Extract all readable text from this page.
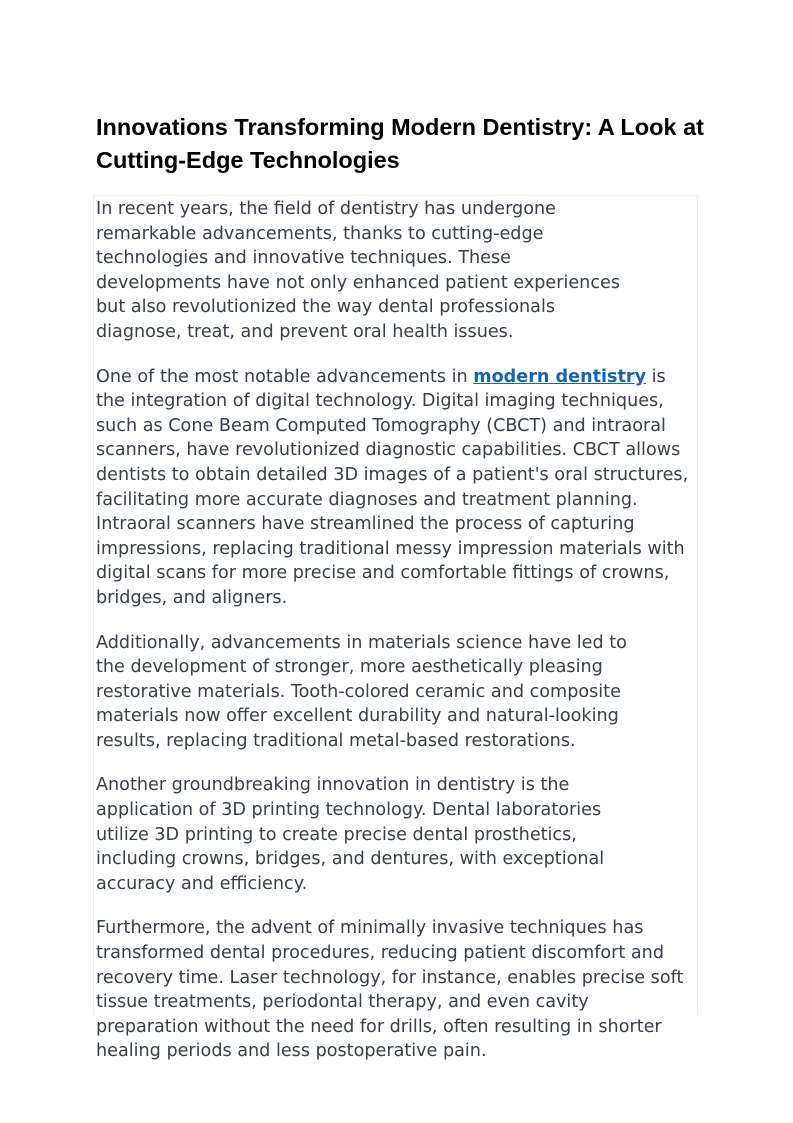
Innovations Transforming Modern Dentistry: A Look at Cutting-Edge Technologies

In recent years, the field of dentistry has undergone remarkable advancements, thanks to cutting-edge technologies and innovative techniques. These developments have not only enhanced patient experiences but also revolutionized the way dental professionals diagnose, treat, and prevent oral health issues.

One of the most notable advancements in modern dentistry is the integration of digital technology. Digital imaging techniques, such as Cone Beam Computed Tomography (CBCT) and intraoral scanners, have revolutionized diagnostic capabilities. CBCT allows dentists to obtain detailed 3D images of a patient's oral structures, facilitating more accurate diagnoses and treatment planning. Intraoral scanners have streamlined the process of capturing impressions, replacing traditional messy impression materials with digital scans for more precise and comfortable fittings of crowns, bridges, and aligners.

Additionally, advancements in materials science have led to the development of stronger, more aesthetically pleasing restorative materials. Tooth-colored ceramic and composite materials now offer excellent durability and natural-looking results, replacing traditional metal-based restorations.

Another groundbreaking innovation in dentistry is the application of 3D printing technology. Dental laboratories utilize 3D printing to create precise dental prosthetics, including crowns, bridges, and dentures, with exceptional accuracy and efficiency.

Furthermore, the advent of minimally invasive techniques has transformed dental procedures, reducing patient discomfort and recovery time. Laser technology, for instance, enables precise soft tissue treatments, periodontal therapy, and even cavity preparation without the need for drills, often resulting in shorter healing periods and less postoperative pain.
